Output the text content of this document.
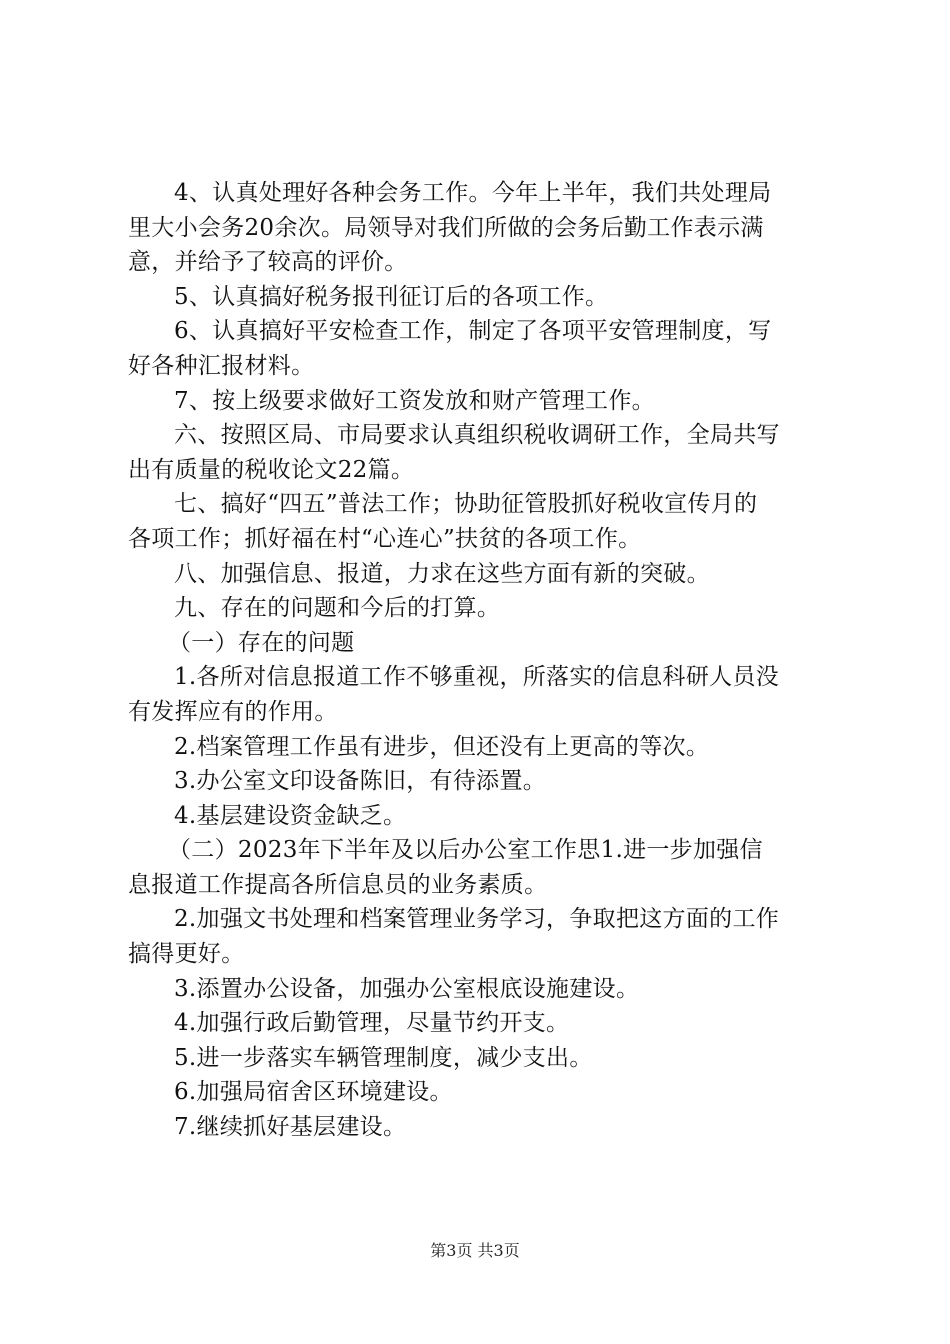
4、认真处理好各种会务工作。今年上半年，我们共处理局
里大小会务20余次。局领导对我们所做的会务后勤工作表示满
意，并给予了较高的评价。
5、认真搞好税务报刊征订后的各项工作。
6、认真搞好平安检查工作，制定了各项平安管理制度，写
好各种汇报材料。
7、按上级要求做好工资发放和财产管理工作。
六、按照区局、市局要求认真组织税收调研工作，全局共写
出有质量的税收论文22篇。
七、搞好“四五”普法工作；协助征管股抓好税收宣传月的
各项工作；抓好福在村“心连心”扶贫的各项工作。
八、加强信息、报道，力求在这些方面有新的突破。
九、存在的问题和今后的打算。
（一）存在的问题
1.各所对信息报道工作不够重视，所落实的信息科研人员没
有发挥应有的作用。
2.档案管理工作虽有进步，但还没有上更高的等次。
3.办公室文印设备陈旧，有待添置。
4.基层建设资金缺乏。
（二）2023年下半年及以后办公室工作思1.进一步加强信
息报道工作提高各所信息员的业务素质。
2.加强文书处理和档案管理业务学习，争取把这方面的工作
搞得更好。
3.添置办公设备，加强办公室根底设施建设。
4.加强行政后勤管理，尽量节约开支。
5.进一步落实车辆管理制度，减少支出。
6.加强局宿舍区环境建设。
7.继续抓好基层建设。
第3页 共3页
